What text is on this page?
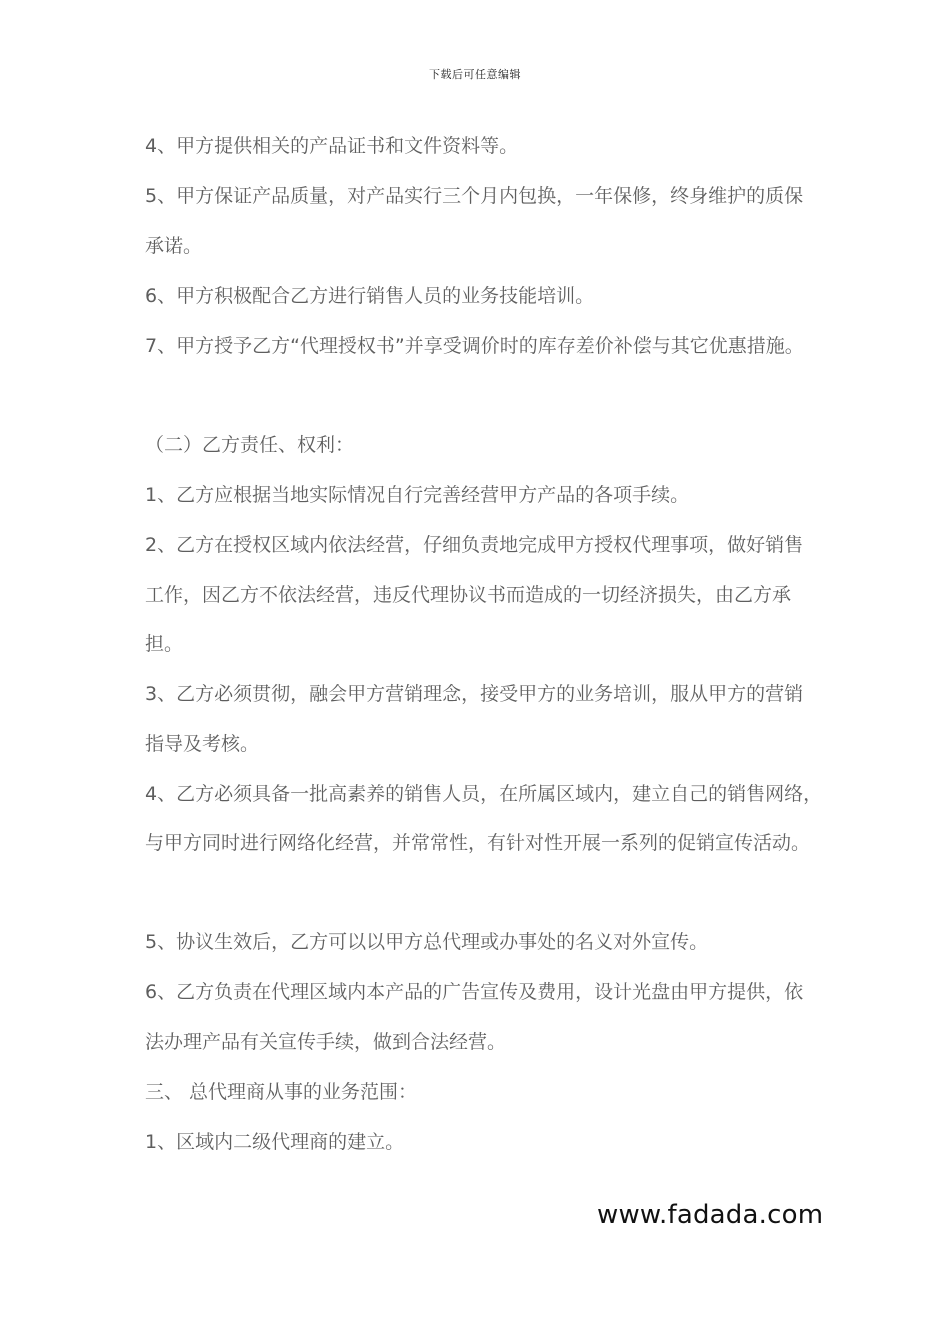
下载后可任意编辑
4、甲方提供相关的产品证书和文件资料等。
5、甲方保证产品质量，对产品实行三个月内包换，一年保修，终身维护的质保
承诺。
6、甲方积极配合乙方进行销售人员的业务技能培训。
7、甲方授予乙方“代理授权书”并享受调价时的库存差价补偿与其它优惠措施。
（二）乙方责任、权利：
1、乙方应根据当地实际情况自行完善经营甲方产品的各项手续。
2、乙方在授权区域内依法经营，仔细负责地完成甲方授权代理事项，做好销售
工作，因乙方不依法经营，违反代理协议书而造成的一切经济损失，由乙方承
担。
3、乙方必须贯彻，融会甲方营销理念，接受甲方的业务培训，服从甲方的营销
指导及考核。
4、乙方必须具备一批高素养的销售人员，在所属区域内，建立自己的销售网络，
与甲方同时进行网络化经营，并常常性，有针对性开展一系列的促销宣传活动。
5、协议生效后，乙方可以以甲方总代理或办事处的名义对外宣传。
6、乙方负责在代理区域内本产品的广告宣传及费用，设计光盘由甲方提供，依
法办理产品有关宣传手续，做到合法经营。
三、 总代理商从事的业务范围：
1、区域内二级代理商的建立。
www.fadada.com
